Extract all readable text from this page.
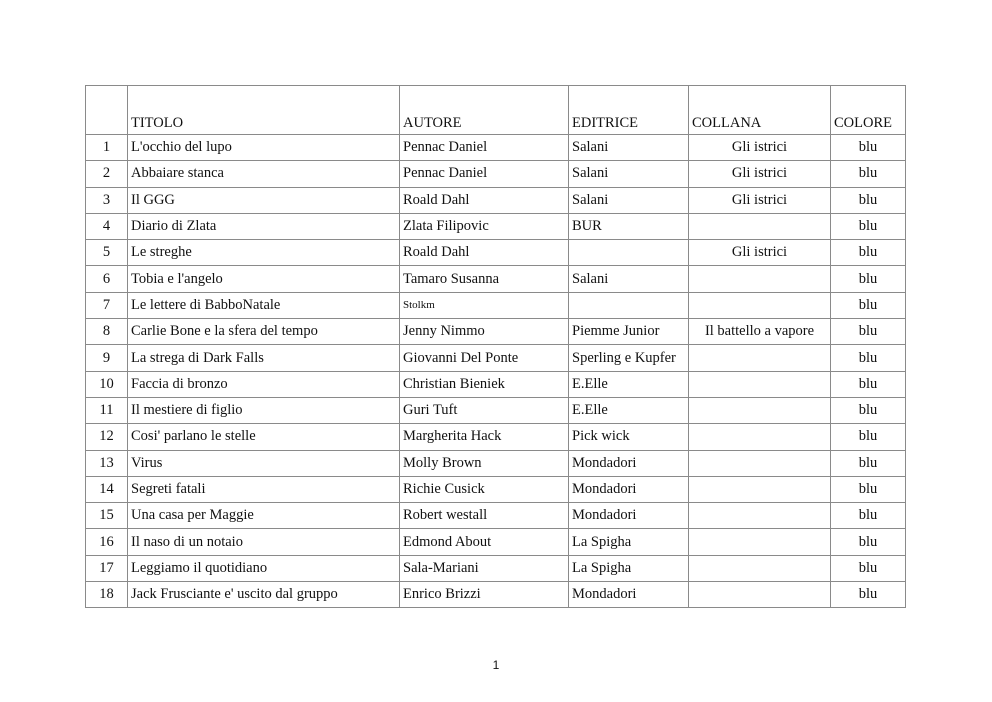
	TITOLO	AUTORE	EDITRICE	COLLANA	COLORE
1	L'occhio del lupo	Pennac Daniel	Salani	Gli istrici	blu
2	Abbaiare stanca	Pennac Daniel	Salani	Gli istrici	blu
3	Il GGG	Roald Dahl	Salani	Gli istrici	blu
4	Diario di Zlata	Zlata Filipovic	BUR		blu
5	Le streghe	Roald Dahl		Gli istrici	blu
6	Tobia e l'angelo	Tamaro Susanna	Salani		blu
7	Le lettere di BabboNatale	Stolkm			blu
8	Carlie Bone e la sfera del tempo	Jenny Nimmo	Piemme Junior	Il battello a vapore	blu
9	La strega di Dark Falls	Giovanni Del Ponte	Sperling e Kupfer		blu
10	Faccia di bronzo	Christian Bieniek	E.Elle		blu
11	Il mestiere di figlio	Guri Tuft	E.Elle		blu
12	Cosi' parlano le stelle	Margherita Hack	Pick wick		blu
13	Virus	Molly Brown	Mondadori		blu
14	Segreti fatali	Richie Cusick	Mondadori		blu
15	Una casa per Maggie	Robert westall	Mondadori		blu
16	Il naso di un notaio	Edmond About	La Spigha		blu
17	Leggiamo il quotidiano	Sala-Mariani	La Spigha		blu
18	Jack Frusciante e' uscito dal gruppo	Enrico Brizzi	Mondadori		blu
1
